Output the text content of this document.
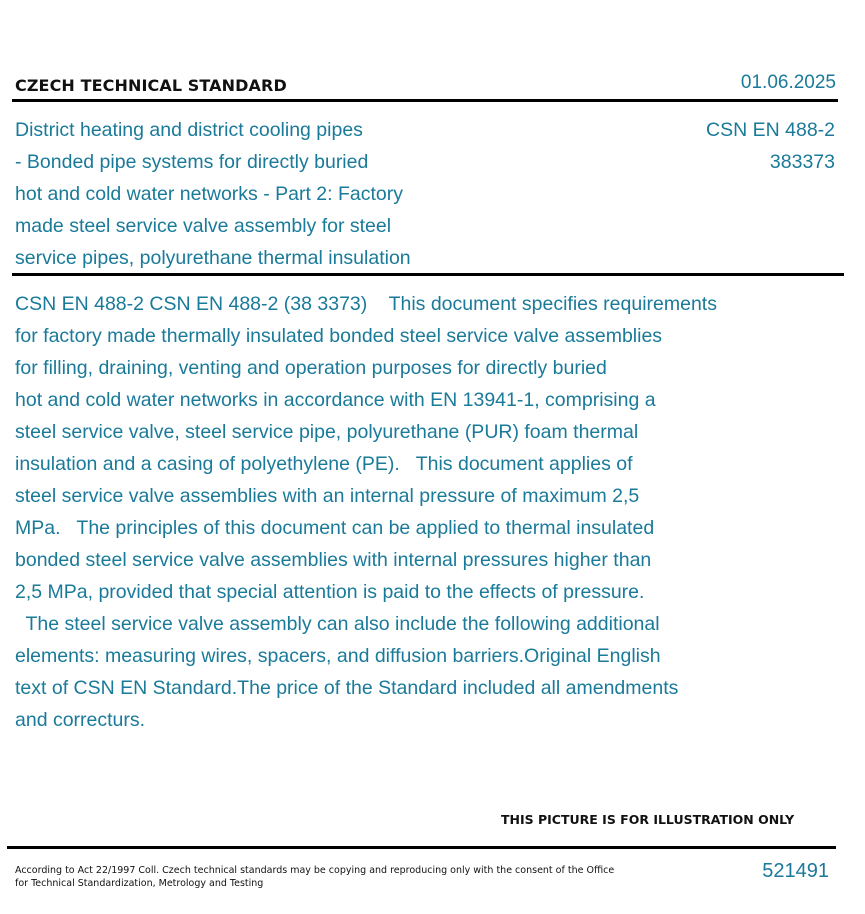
CZECH TECHNICAL STANDARD	01.06.2025
District heating and district cooling pipes
- Bonded pipe systems for directly buried
hot and cold water networks - Part 2: Factory
made steel service valve assembly for steel
service pipes, polyurethane thermal insulation
CSN EN 488-2
383373
CSN EN 488-2 CSN EN 488-2 (38 3373)    This document specifies requirements
for factory made thermally insulated bonded steel service valve assemblies
for filling, draining, venting and operation purposes for directly buried
hot and cold water networks in accordance with EN 13941-1, comprising a
steel service valve, steel service pipe, polyurethane (PUR) foam thermal
insulation and a casing of polyethylene (PE).   This document applies of
steel service valve assemblies with an internal pressure of maximum 2,5
MPa.   The principles of this document can be applied to thermal insulated
bonded steel service valve assemblies with internal pressures higher than
2,5 MPa, provided that special attention is paid to the effects of pressure.
The steel service valve assembly can also include the following additional
elements: measuring wires, spacers, and diffusion barriers.Original English
text of CSN EN Standard.The price of the Standard included all amendments
and correcturs.
THIS PICTURE IS FOR ILLUSTRATION ONLY
According to Act 22/1997 Coll. Czech technical standards may be copying and reproducing only with the consent of the Office
for Technical Standardization, Metrology and Testing
521491
